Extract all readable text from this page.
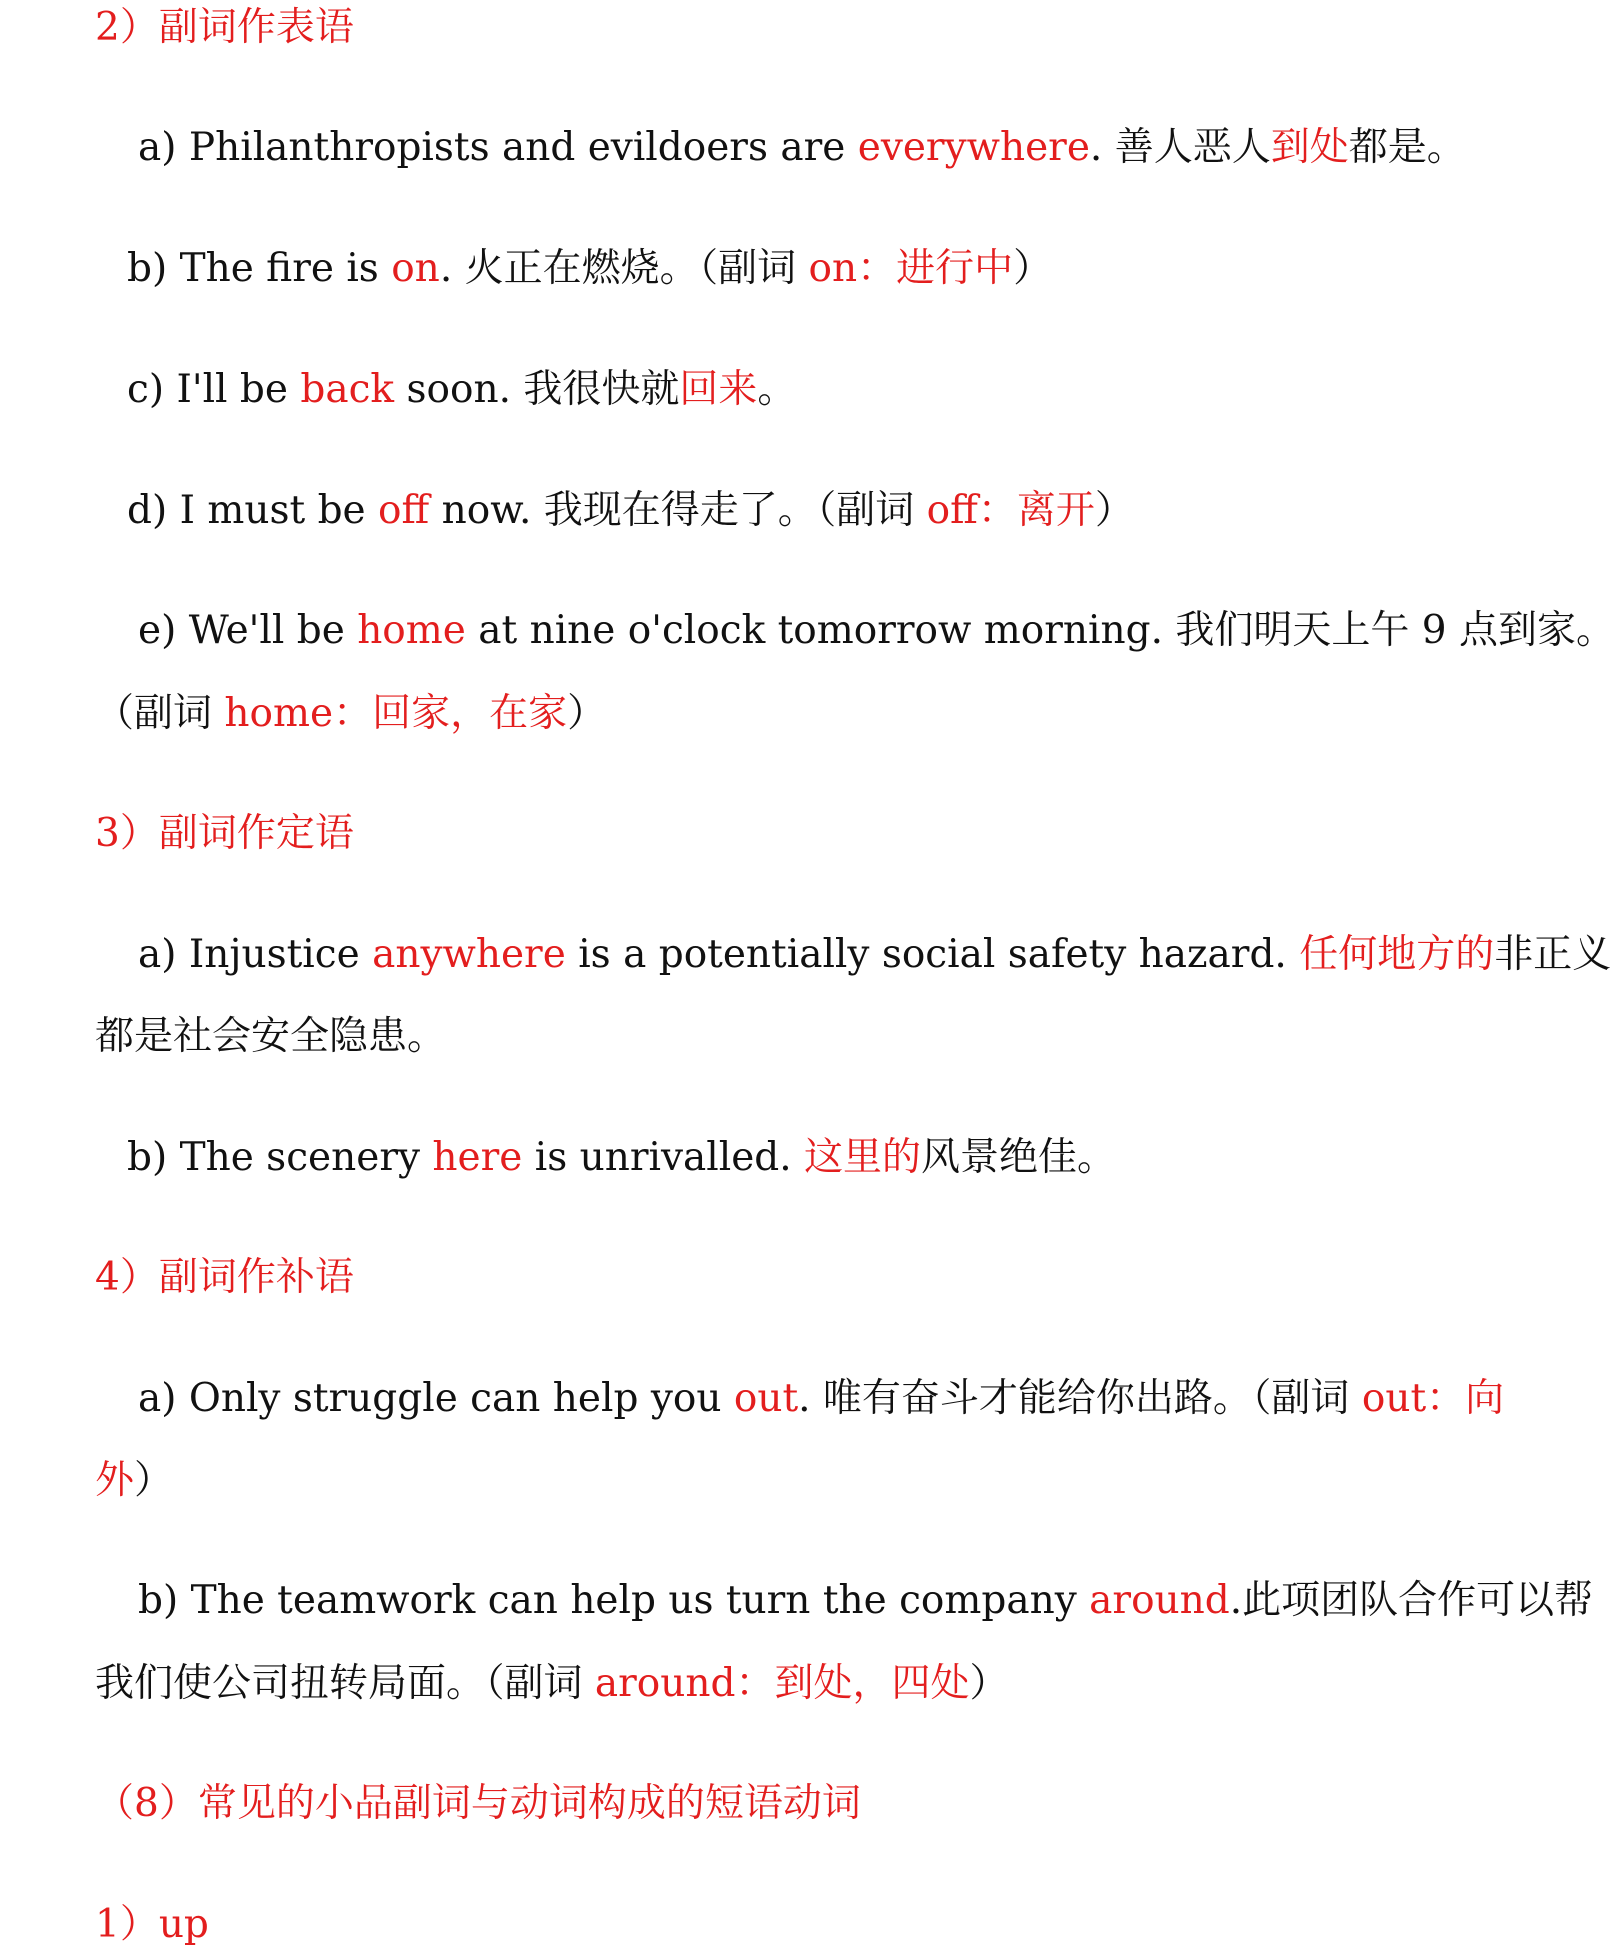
2）副词作表语

a) Philanthropists and evildoers are everywhere. 善人恶人到处都是。

b) The fire is on. 火正在燃烧。（副词 on：进行中）

c) I'll be back soon. 我很快就回来。

d) I must be off now. 我现在得走了。（副词 off：离开）

e) We'll be home at nine o'clock tomorrow morning. 我们明天上午 9 点到家。

（副词 home：回家，在家）

3）副词作定语

a) Injustice anywhere is a potentially social safety hazard. 任何地方的非正义

都是社会安全隐患。

b) The scenery here is unrivalled. 这里的风景绝佳。

4）副词作补语

a) Only struggle can help you out. 唯有奋斗才能给你出路。（副词 out：向

外）

b) The teamwork can help us turn the company around.此项团队合作可以帮

我们使公司扭转局面。（副词 around：到处，四处）

（8）常见的小品副词与动词构成的短语动词

1）up
